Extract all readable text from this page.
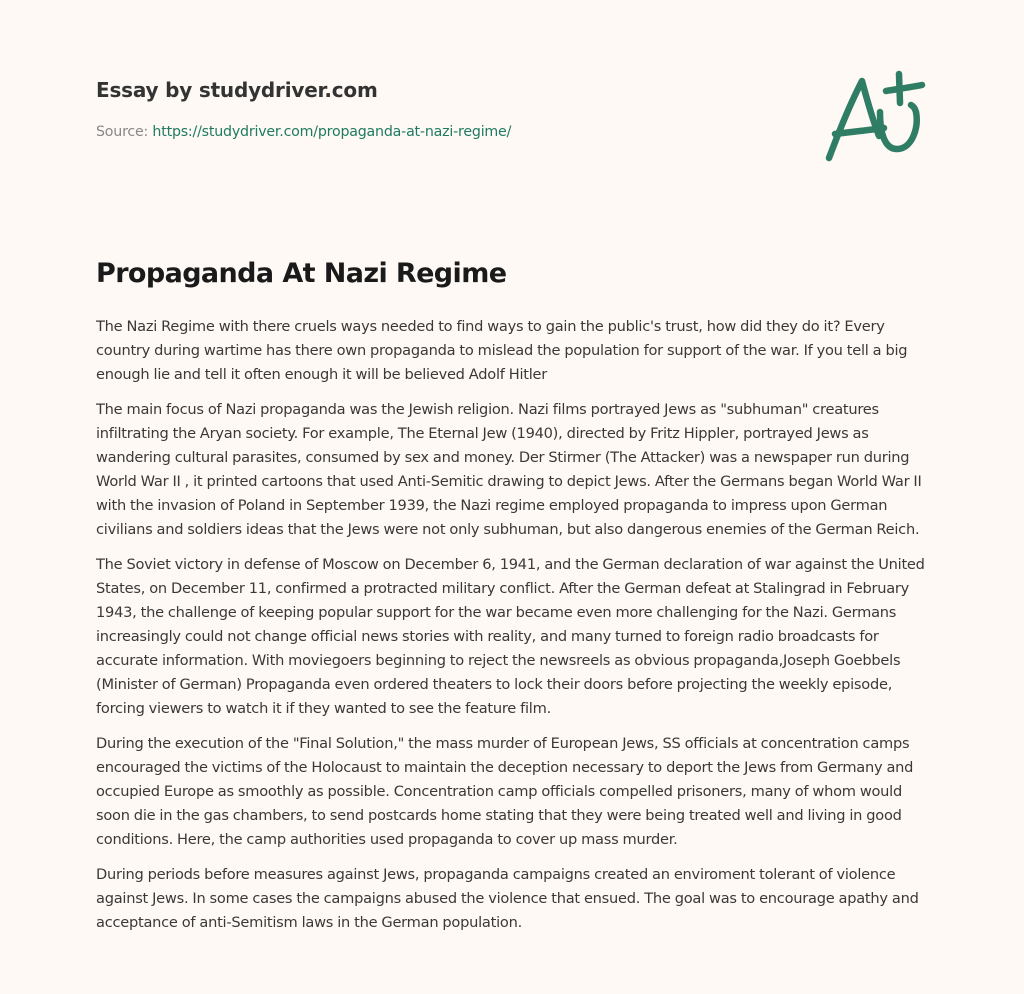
Essay by studydriver.com
Source: https://studydriver.com/propaganda-at-nazi-regime/
Propaganda At Nazi Regime

The Nazi Regime with there cruels ways needed to find ways to gain the public's trust, how did they do it? Every country during wartime has there own propaganda to mislead the population for support of the war. If you tell a big enough lie and tell it often enough it will be believed Adolf Hitler

The main focus of Nazi propaganda was the Jewish religion. Nazi films portrayed Jews as "subhuman" creatures infiltrating the Aryan society. For example, The Eternal Jew (1940), directed by Fritz Hippler, portrayed Jews as wandering cultural parasites, consumed by sex and money. Der Stirmer (The Attacker) was a newspaper run during World War II , it printed cartoons that used Anti-Semitic drawing to depict Jews. After the Germans began World War II with the invasion of Poland in September 1939, the Nazi regime employed propaganda to impress upon German civilians and soldiers ideas that the Jews were not only subhuman, but also dangerous enemies of the German Reich.

The Soviet victory in defense of Moscow on December 6, 1941, and the German declaration of war against the United States, on December 11, confirmed a protracted military conflict. After the German defeat at Stalingrad in February 1943, the challenge of keeping popular support for the war became even more challenging for the Nazi. Germans increasingly could not change official news stories with reality, and many turned to foreign radio broadcasts for accurate information. With moviegoers beginning to reject the newsreels as obvious propaganda,Joseph Goebbels (Minister of German) Propaganda even ordered theaters to lock their doors before projecting the weekly episode, forcing viewers to watch it if they wanted to see the feature film.

During the execution of the "Final Solution," the mass murder of European Jews, SS officials at concentration camps encouraged the victims of the Holocaust to maintain the deception necessary to deport the Jews from Germany and occupied Europe as smoothly as possible. Concentration camp officials compelled prisoners, many of whom would soon die in the gas chambers, to send postcards home stating that they were being treated well and living in good conditions. Here, the camp authorities used propaganda to cover up mass murder.

During periods before measures against Jews, propaganda campaigns created an enviroment tolerant of violence against Jews. In some cases the campaigns abused the violence that ensued. The goal was to encourage apathy and acceptance of anti-Semitism laws in the German population.
